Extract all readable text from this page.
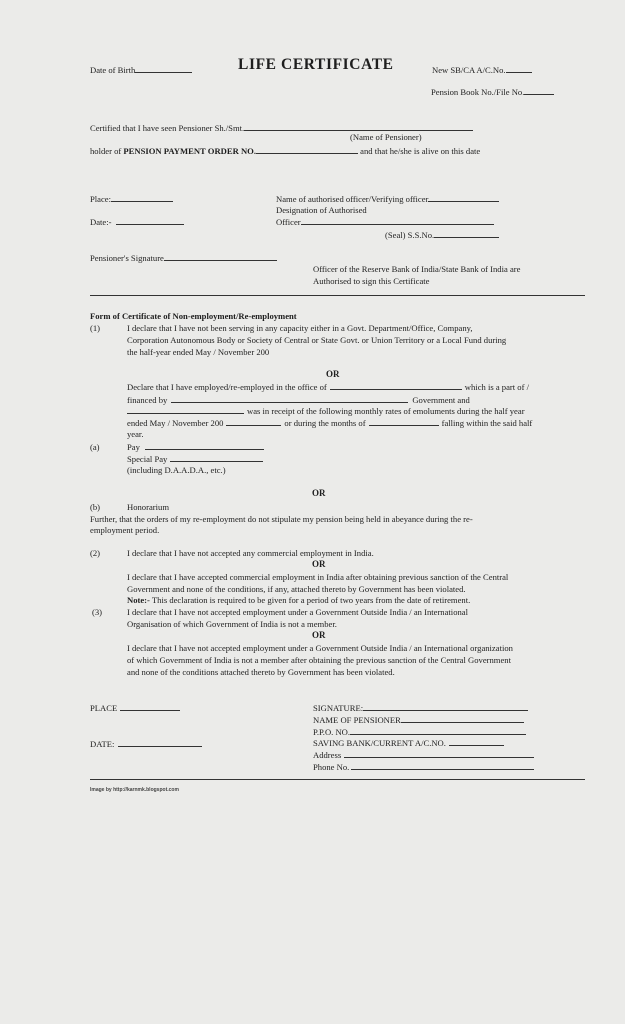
Date of Birth	LIFE CERTIFICATE	New SB/CA A/C.No.
Pension Book No./File No.
Certified that I have seen Pensioner Sh./Smt.
(Name of Pensioner)
holder of PENSION PAYMENT ORDER NO.	and that he/she is alive on this date
Place:
Date:-
Name of authorised officer/Verifying officer
Designation of Authorised
Officer
(Seal) S.S.No.
Pensioner's Signature
Officer of the Reserve Bank of India/State Bank of India are
Authorised to sign this Certificate
Form of Certificate of Non-employment/Re-employment
(1)	I declare that I have not been serving in any capacity either in a Govt. Department/Office, Company,
Corporation Autonomous Body or Society of Central or State Govt. or Union Territory or a Local Fund during
the half-year ended May / November 200
OR
Declare that I have employed/re-employed in the office of	which is a part of /
financed by	Government and
was in receipt of the following monthly rates of emoluments during the half year
ended May / November 200	or during the months of	falling within the said half
year.
(a)	Pay
Special Pay
(including D.A.A.D.A., etc.)
OR
(b)	Honorarium
Further, that the orders of my re-employment do not stipulate my pension being held in abeyance during the re-
employment period.
(2)	I declare that I have not accepted any commercial employment in India.
OR
I declare that I have accepted commercial employment in India after obtaining previous sanction of the Central
Government and none of the conditions, if any, attached thereto by Government has been violated.
Note:- This declaration is required to be given for a period of two years from the date of retirement.
(3)	I declare that I have not accepted employment under a Government Outside India / an International
Organisation of which Government of India is not a member.
OR
I declare that I have not accepted employment under a Government Outside India / an International organization
of which Government of India is not a member after obtaining the previous sanction of the Central Government
and none of the conditions attached thereto by Government has been violated.
PLACE
DATE:
SIGNATURE:
NAME OF PENSIONER
P.P.O. NO.
SAVING BANK/CURRENT A/C.NO.
Address
Phone No.
Image by http://karnmk.blogspot.com
